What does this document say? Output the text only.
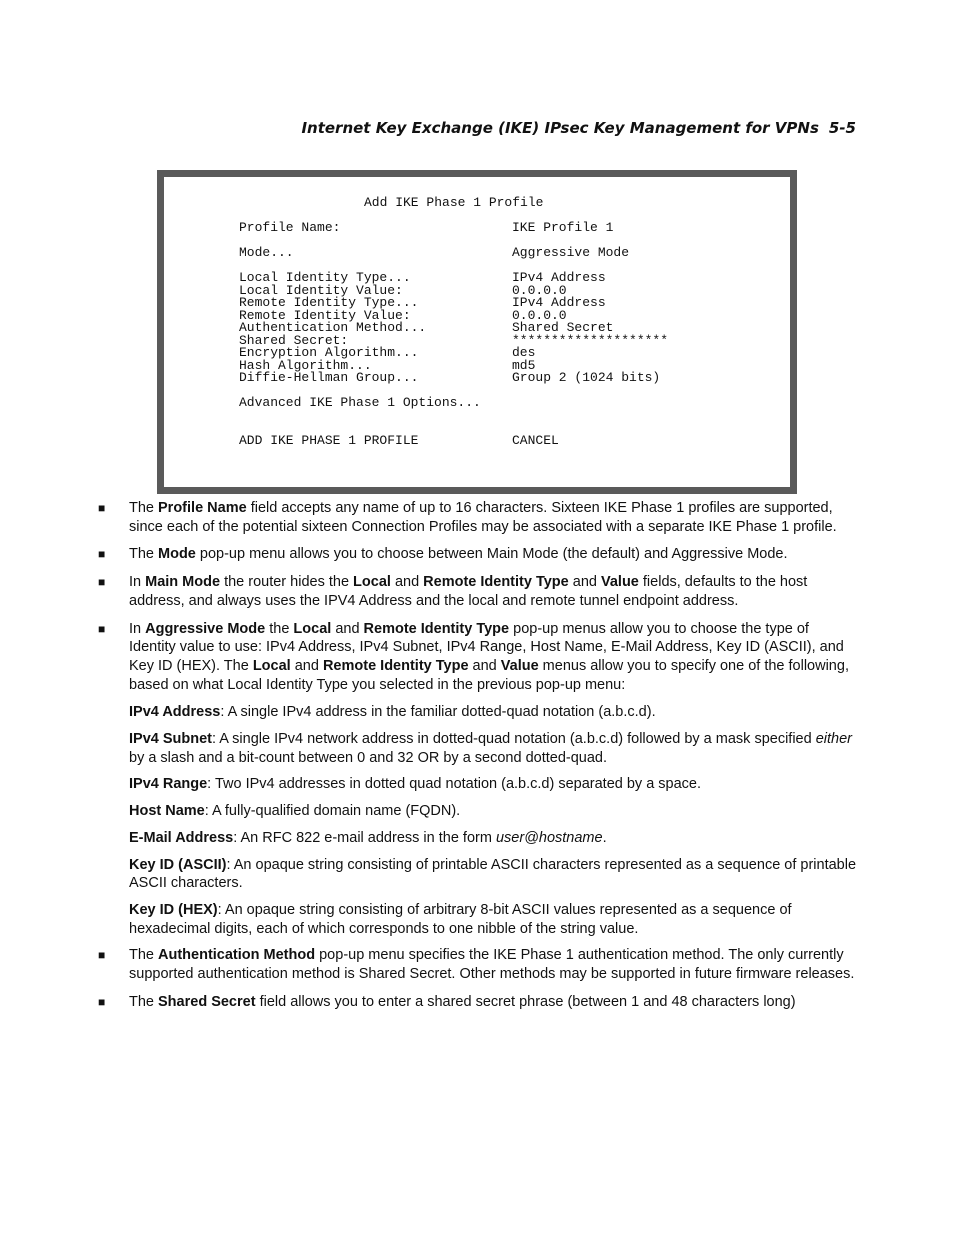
Internet Key Exchange (IKE) IPsec Key Management for VPNs 5-5
Add IKE Phase 1 Profile
Profile Name:	IKE Profile 1
Mode...	Aggressive Mode
Local Identity Type...	IPv4 Address
Local Identity Value:	0.0.0.0
Remote Identity Type...	IPv4 Address
Remote Identity Value:	0.0.0.0
Authentication Method...	Shared Secret
Shared Secret:	********************
Encryption Algorithm...	des
Hash Algorithm...	md5
Diffie-Hellman Group...	Group 2 (1024 bits)
Advanced IKE Phase 1 Options...
ADD IKE PHASE 1 PROFILE	CANCEL
■ The Profile Name field accepts any name of up to 16 characters. Sixteen IKE Phase 1 profiles are supported, since each of the potential sixteen Connection Profiles may be associated with a separate IKE Phase 1 profile.
■ The Mode pop-up menu allows you to choose between Main Mode (the default) and Aggressive Mode.
■ In Main Mode the router hides the Local and Remote Identity Type and Value fields, defaults to the host address, and always uses the IPV4 Address and the local and remote tunnel endpoint address.
■ In Aggressive Mode the Local and Remote Identity Type pop-up menus allow you to choose the type of Identity value to use: IPv4 Address, IPv4 Subnet, IPv4 Range, Host Name, E-Mail Address, Key ID (ASCII), and Key ID (HEX). The Local and Remote Identity Type and Value menus allow you to specify one of the following, based on what Local Identity Type you selected in the previous pop-up menu:
IPv4 Address: A single IPv4 address in the familiar dotted-quad notation (a.b.c.d).
IPv4 Subnet: A single IPv4 network address in dotted-quad notation (a.b.c.d) followed by a mask specified either by a slash and a bit-count between 0 and 32 OR by a second dotted-quad.
IPv4 Range: Two IPv4 addresses in dotted quad notation (a.b.c.d) separated by a space.
Host Name: A fully-qualified domain name (FQDN).
E-Mail Address: An RFC 822 e-mail address in the form user@hostname.
Key ID (ASCII): An opaque string consisting of printable ASCII characters represented as a sequence of printable ASCII characters.
Key ID (HEX): An opaque string consisting of arbitrary 8-bit ASCII values represented as a sequence of hexadecimal digits, each of which corresponds to one nibble of the string value.
■ The Authentication Method pop-up menu specifies the IKE Phase 1 authentication method. The only currently supported authentication method is Shared Secret. Other methods may be supported in future firmware releases.
■ The Shared Secret field allows you to enter a shared secret phrase (between 1 and 48 characters long)
